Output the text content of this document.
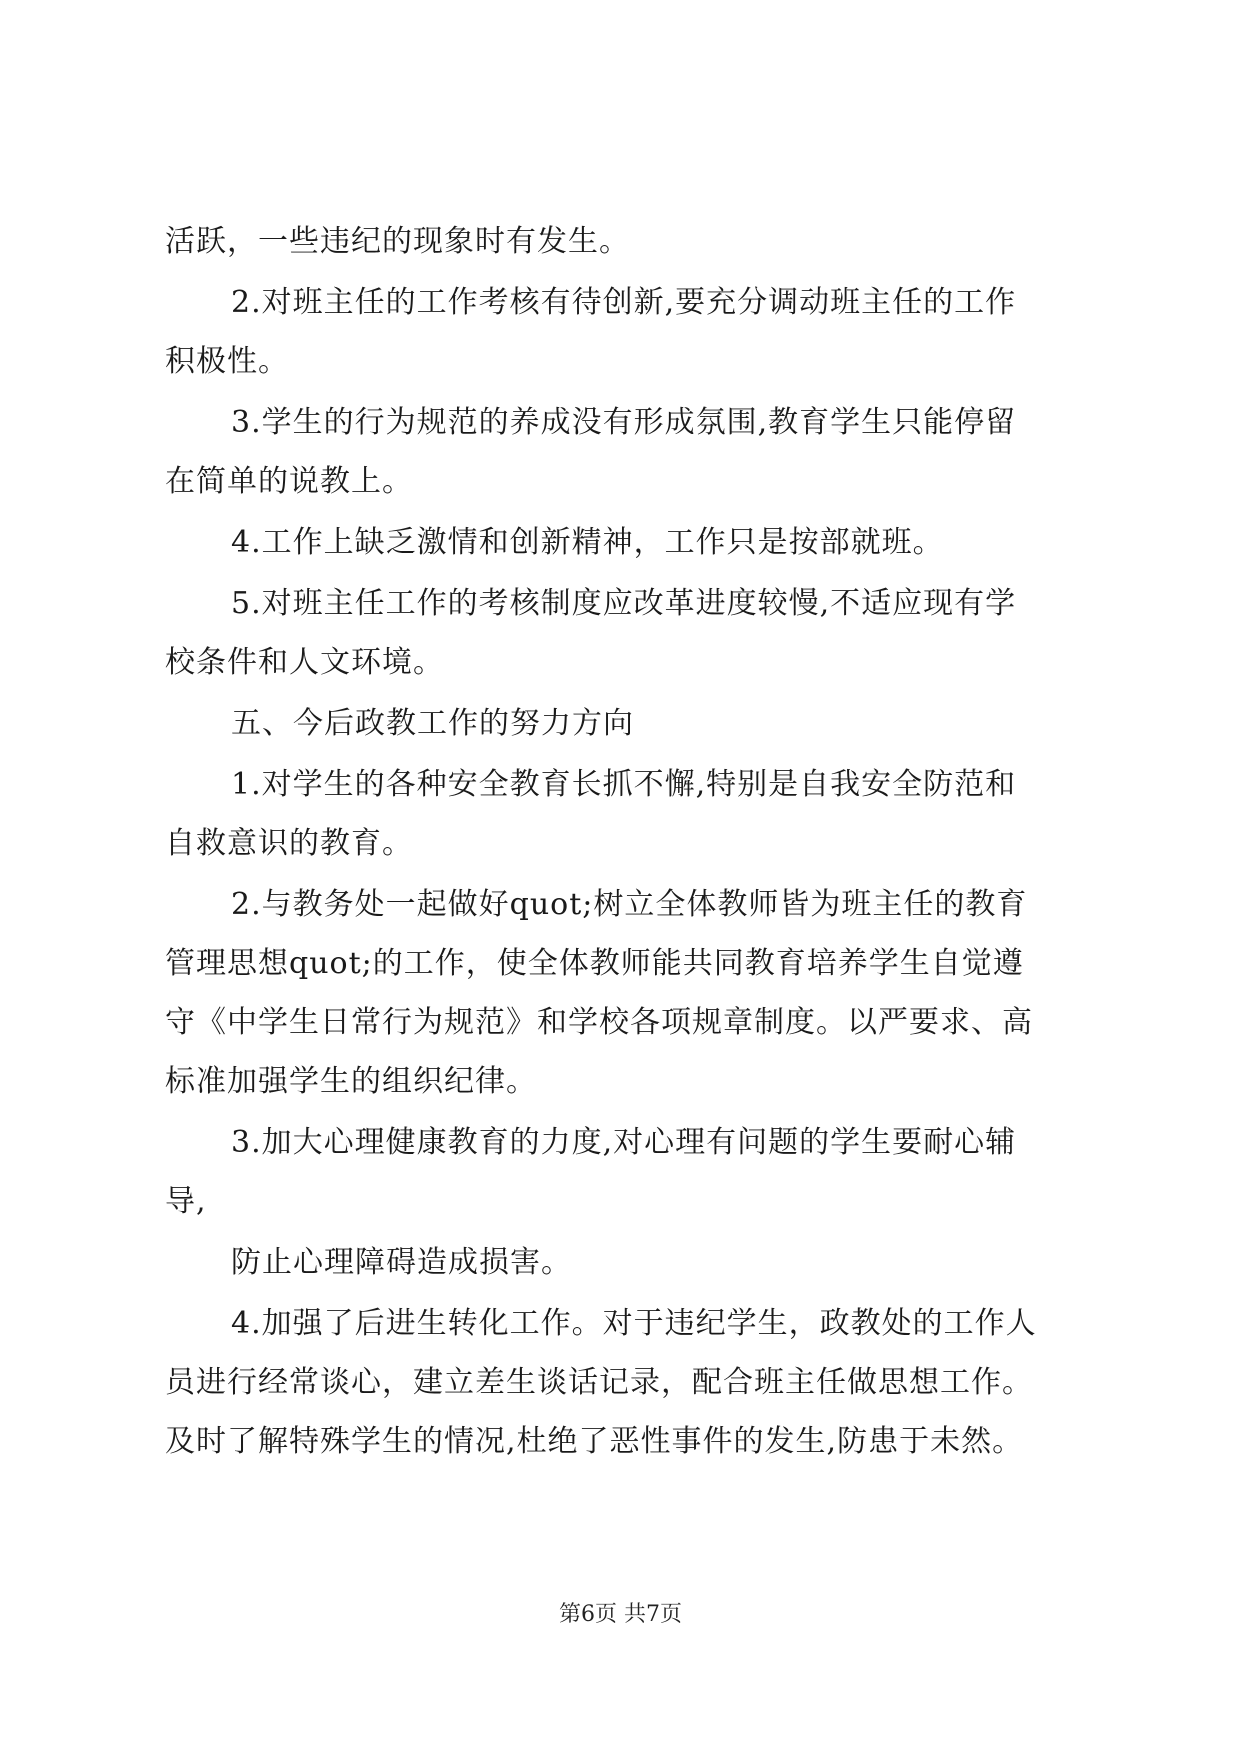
活跃，一些违纪的现象时有发生。
2.对班主任的工作考核有待创新,要充分调动班主任的工作
积极性。
3.学生的行为规范的养成没有形成氛围,教育学生只能停留
在简单的说教上。
4.工作上缺乏激情和创新精神，工作只是按部就班。
5.对班主任工作的考核制度应改革进度较慢,不适应现有学
校条件和人文环境。
五、今后政教工作的努力方向
1.对学生的各种安全教育长抓不懈,特别是自我安全防范和
自救意识的教育。
2.与教务处一起做好quot;树立全体教师皆为班主任的教育
管理思想quot;的工作，使全体教师能共同教育培养学生自觉遵
守《中学生日常行为规范》和学校各项规章制度。以严要求、高
标准加强学生的组织纪律。
3.加大心理健康教育的力度,对心理有问题的学生要耐心辅
导,
防止心理障碍造成损害。
4.加强了后进生转化工作。对于违纪学生，政教处的工作人
员进行经常谈心，建立差生谈话记录，配合班主任做思想工作。
及时了解特殊学生的情况,杜绝了恶性事件的发生,防患于未然。
第6页 共7页
